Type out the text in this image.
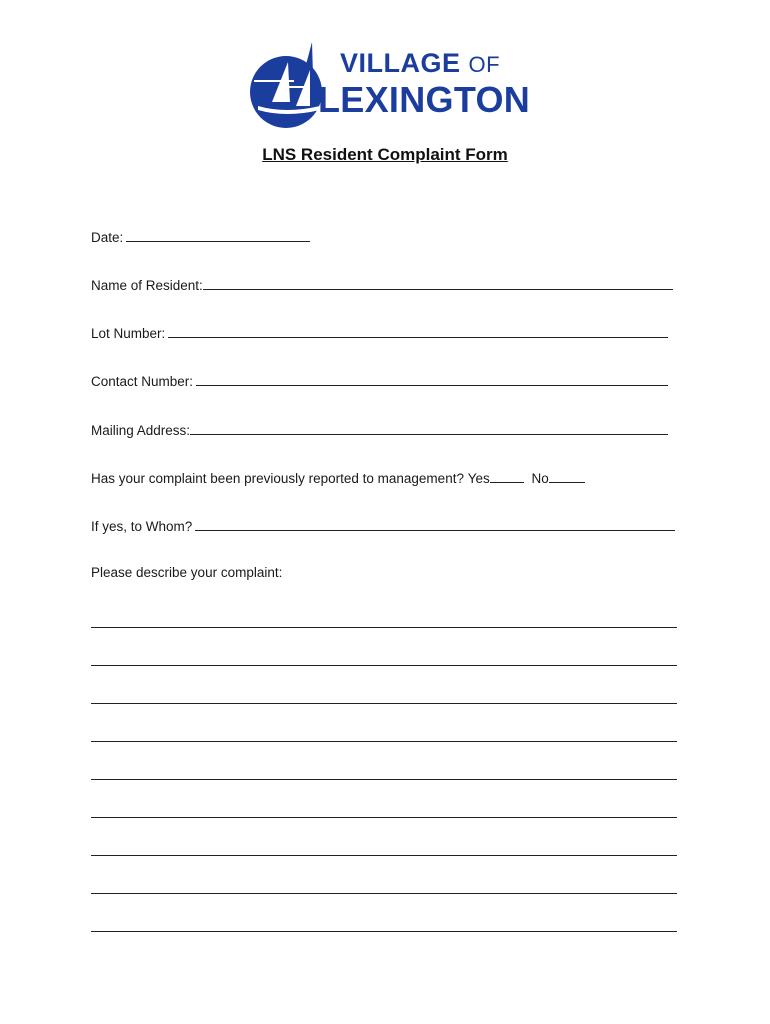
VILLAGE OF
LEXINGTON
LNS Resident Complaint Form
Date:
Name of Resident:
Lot Number:
Contact Number:
Mailing Address:
Has your complaint been previously reported to management? Yes	No
If yes, to Whom?
Please describe your complaint:
